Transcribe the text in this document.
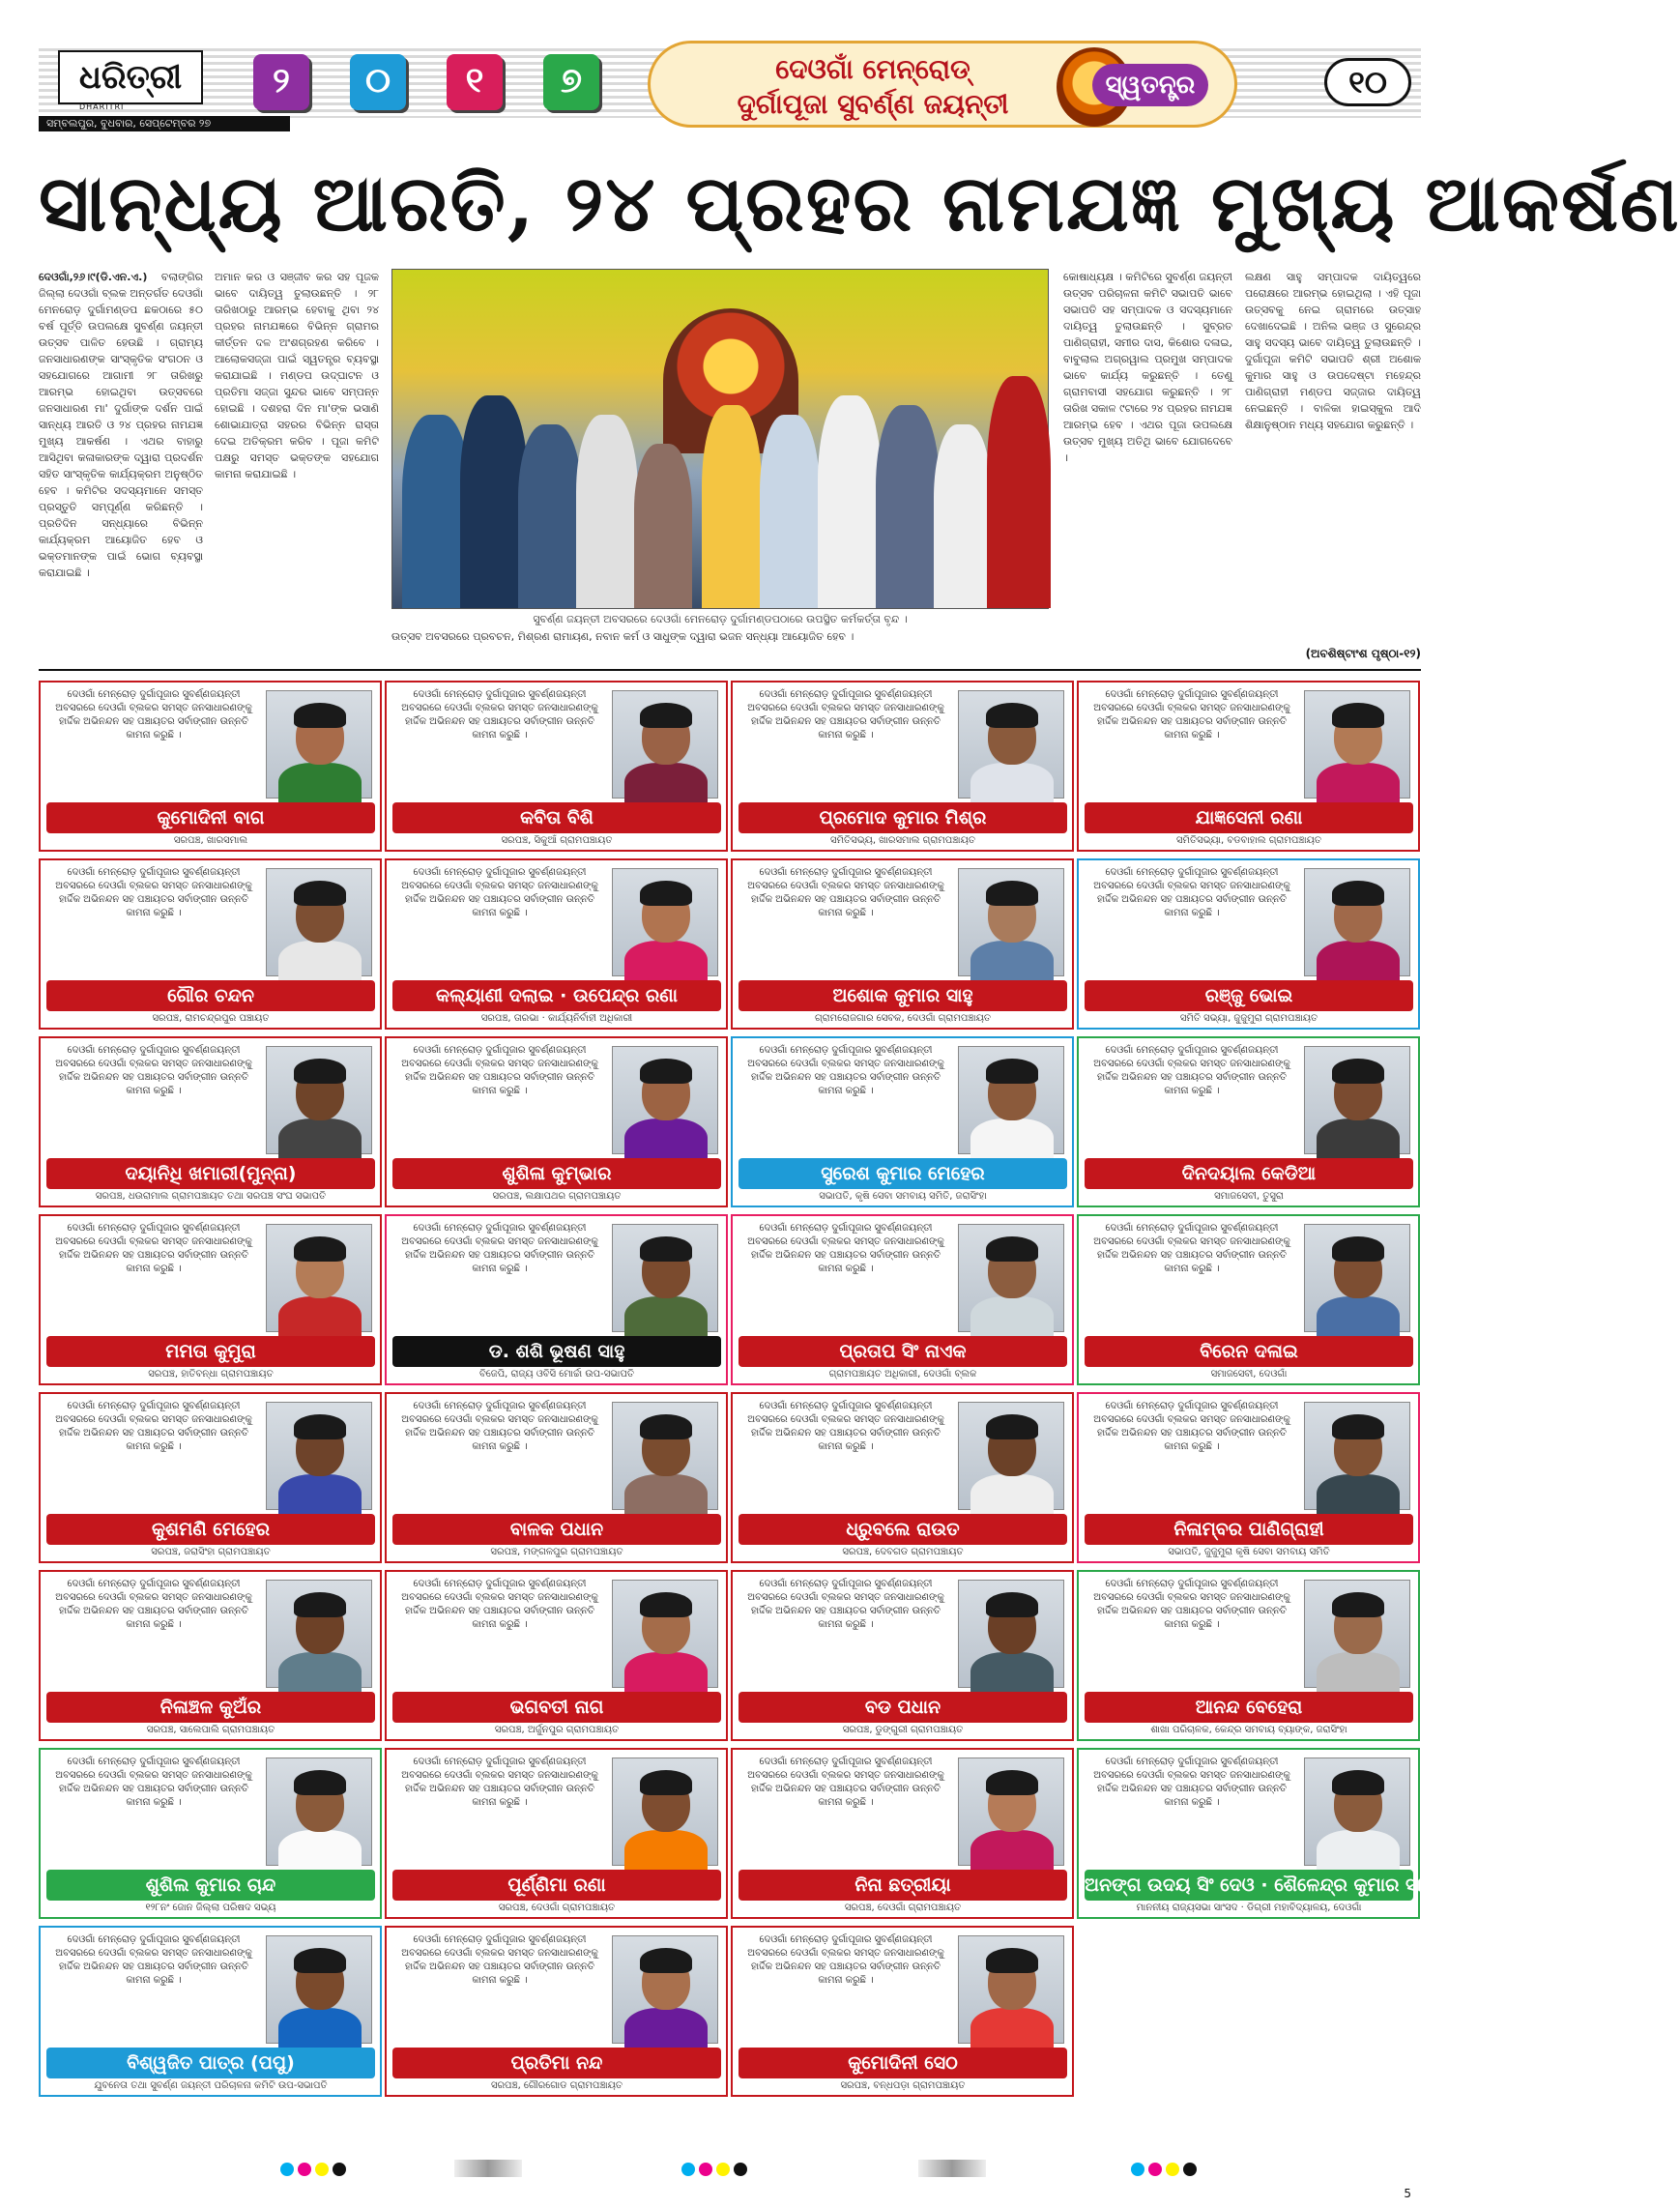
ଧରିତ୍ରୀ
DHARITRI
ସମ୍ବଲପୁର, ବୁଧବାର, ସେପ୍ଟେମ୍ବର ୨୭
୨	୦	୧	୭	ଦେଓଗାଁ ମେନ୍‌ରୋଡ୍
ଦୁର୍ଗାପୂଜା ସୁବର୍ଣ୍ଣ ଜୟନ୍ତୀ
ସ୍ୱତନ୍ତ୍ର	୧୦
ସାନ୍ଧ୍ୟ ଆରତି, ୨୪ ପ୍ରହର ନାମଯଜ୍ଞ ମୁଖ୍ୟ ଆକର୍ଷଣ
ଦେଓଗାଁ,୨୬।୯(ଡି.ଏନ.ଏ.) ବଲାଙ୍ଗିର ଜିଲ୍ଲା ଦେଓଗାଁ ବ୍ଲକ ଅନ୍ତର୍ଗତ ଦେଓଗାଁ ମେନରୋଡ଼ ଦୁର୍ଗାମଣ୍ଡପ ଛକଠାରେ ୫୦ ବର୍ଷ ପୂର୍ତ୍ତି ଉପଲକ୍ଷେ ସୁବର୍ଣ୍ଣ ଜୟନ୍ତୀ ଉତ୍ସବ ପାଳିତ ହେଉଛି । ଗ୍ରାମ୍ୟ ଜନସାଧାରଣଙ୍କ ସାଂସ୍କୃତିକ ସଂଗଠନ ଓ ସହଯୋଗରେ ଆଗାମୀ ୨୮ ତାରିଖରୁ ଆରମ୍ଭ ହୋଇଥିବା ଉତ୍ସବରେ ଜନସାଧାରଣ ମା' ଦୁର୍ଗାଙ୍କ ଦର୍ଶନ ପାଇଁ ସାନ୍ଧ୍ୟ ଆରତି ଓ ୨୪ ପ୍ରହର ନାମଯଜ୍ଞ ମୁଖ୍ୟ ଆକର୍ଷଣ । ଏଥର ବାହାରୁ ଆସିଥିବା କଳାକାରଙ୍କ ଦ୍ୱାରା ପ୍ରଦର୍ଶନ ସହିତ ସାଂସ୍କୃତିକ କାର୍ଯ୍ୟକ୍ରମ ଅନୁଷ୍ଠିତ ହେବ । କମିଟିର ସଦସ୍ୟମାନେ ସମସ୍ତ ପ୍ରସ୍ତୁତି ସମ୍ପୂର୍ଣ୍ଣ କରିଛନ୍ତି । ପ୍ରତିଦିନ ସନ୍ଧ୍ୟାରେ ବିଭିନ୍ନ କାର୍ଯ୍ୟକ୍ରମ ଆୟୋଜିତ ହେବ ଓ ଭକ୍ତମାନଙ୍କ ପାଇଁ ଭୋଗ ବ୍ୟବସ୍ଥା କରାଯାଇଛି ।
ଅମାନ କର ଓ ସଞ୍ଜୀବ କର ସହ ପୂଜକ ଭାବେ ଦାୟିତ୍ୱ ତୁଲାଉଛନ୍ତି । ୨୮ ତାରିଖଠାରୁ ଆରମ୍ଭ ହେବାକୁ ଥିବା ୨୪ ପ୍ରହର ନାମଯଜ୍ଞରେ ବିଭିନ୍ନ ଗ୍ରାମର କୀର୍ତ୍ତନ ଦଳ ଅଂଶଗ୍ରହଣ କରିବେ । ଆଲୋକସଜ୍ଜା ପାଇଁ ସ୍ୱତନ୍ତ୍ର ବ୍ୟବସ୍ଥା କରାଯାଇଛି । ମଣ୍ଡପ ଉଦ୍‌ଘାଟନ ଓ ପ୍ରତିମା ସଜ୍ଜା ସୁନ୍ଦର ଭାବେ ସମ୍ପନ୍ନ ହୋଇଛି । ଦଶହରା ଦିନ ମା'ଙ୍କ ଭସାଣି ଶୋଭାଯାତ୍ରା ସହରର ବିଭିନ୍ନ ରାସ୍ତା ଦେଇ ଅତିକ୍ରମ କରିବ । ପୂଜା କମିଟି ପକ୍ଷରୁ ସମସ୍ତ ଭକ୍ତଙ୍କ ସହଯୋଗ କାମନା କରାଯାଇଛି ।
ସୁବର୍ଣ୍ଣ ଜୟନ୍ତୀ ଅବସରରେ ଦେଓଗାଁ ମେନରୋଡ଼ ଦୁର୍ଗାମଣ୍ଡପଠାରେ ଉପସ୍ଥିତ କର୍ମକର୍ତ୍ତା ବୃନ୍ଦ ।
ଉତ୍ସବ ଅବସରରେ ପ୍ରବଚନ, ମିଶ୍ରଣ ରାମାୟଣ, ନବାନ କର୍ମ ଓ ସାଧୁଙ୍କ ଦ୍ୱାରା ଭଜନ ସନ୍ଧ୍ୟା ଆୟୋଜିତ ହେବ ।
କୋଷାଧ୍ୟକ୍ଷ । କମିଟିରେ ସୁବର୍ଣ୍ଣ ଜୟନ୍ତୀ ଉତ୍ସବ ପରିଚାଳନା କମିଟି ସଭାପତି ଭାବେ ସଭାପତି ସହ ସମ୍ପାଦକ ଓ ସଦସ୍ୟମାନେ ଦାୟିତ୍ୱ ତୁଲାଉଛନ୍ତି । ସୁବ୍ରତ ପାଣିଗ୍ରାହୀ, ସମୀର ଦାସ, କିଶୋର ଦଳାଇ, ବାବୁଲାଲ ଅଗ୍ରୱାଲ ପ୍ରମୁଖ ସମ୍ପାଦକ ଭାବେ କାର୍ଯ୍ୟ କରୁଛନ୍ତି । ତେଣୁ ଗ୍ରାମବାସୀ ସହଯୋଗ କରୁଛନ୍ତି । ୨୮ ତାରିଖ ସକାଳ ୯ଟାରେ ୨୪ ପ୍ରହର ନାମଯଜ୍ଞ ଆରମ୍ଭ ହେବ । ଏଥର ପୂଜା ଉପଲକ୍ଷେ ଉତ୍ସବ ମୁଖ୍ୟ ଅତିଥି ଭାବେ ଯୋଗଦେବେ ।
ଲକ୍ଷଣ ସାହୁ ସମ୍ପାଦକ ଦାୟିତ୍ୱରେ ପରୋକ୍ଷରେ ଆରମ୍ଭ ହୋଇଥିଲା । ଏହି ପୂଜା ଉତ୍ସବକୁ ନେଇ ଗ୍ରାମରେ ଉତ୍ସାହ ଦେଖାଦେଇଛି । ଅନିଲ ଭଞ୍ଜ ଓ ସୁରେନ୍ଦ୍ର ସାହୁ ସଦସ୍ୟ ଭାବେ ଦାୟିତ୍ୱ ତୁଲାଉଛନ୍ତି । ଦୁର୍ଗାପୂଜା କମିଟି ସଭାପତି ଶ୍ରୀ ଅଶୋକ କୁମାର ସାହୁ ଓ ଉପଦେଷ୍ଟା ମହେନ୍ଦ୍ର ପାଣିଗ୍ରାହୀ ମଣ୍ଡପ ସଜ୍ଜାର ଦାୟିତ୍ୱ ନେଇଛନ୍ତି । ବାଳିକା ହାଇସ୍କୁଲ ଆଦି ଶିକ୍ଷାନୁଷ୍ଠାନ ମଧ୍ୟ ସହଯୋଗ କରୁଛନ୍ତି ।
(ଅବଶିଷ୍ଟାଂଶ ପୃଷ୍ଠା-୧୨)
ଦେଓଗାଁ ମେନ୍‌ରୋଡ଼ ଦୁର୍ଗାପୂଜାର ସୁବର୍ଣ୍ଣଜୟନ୍ତୀ ଅବସରରେ ଦେଓଗାଁ ବ୍ଲକର ସମସ୍ତ ଜନସାଧାରଣଙ୍କୁ ହାର୍ଦ୍ଦିକ ଅଭିନନ୍ଦନ ସହ ପଞ୍ଚାୟତର ସର୍ବାଙ୍ଗୀନ ଉନ୍ନତି କାମନା କରୁଛି ।
କୁମୋଦିନୀ ବାଗ
ସରପଞ୍ଚ, ଖାରସମାଲ
ଦେଓଗାଁ ମେନ୍‌ରୋଡ଼ ଦୁର୍ଗାପୂଜାର ସୁବର୍ଣ୍ଣଜୟନ୍ତୀ ଅବସରରେ ଦେଓଗାଁ ବ୍ଲକର ସମସ୍ତ ଜନସାଧାରଣଙ୍କୁ ହାର୍ଦ୍ଦିକ ଅଭିନନ୍ଦନ ସହ ପଞ୍ଚାୟତର ସର୍ବାଙ୍ଗୀନ ଉନ୍ନତି କାମନା କରୁଛି ।
କବିତା ବିଶି
ସରପଞ୍ଚ, ସିକୁଆଁ ଗ୍ରାମପଞ୍ଚାୟତ
ଦେଓଗାଁ ମେନ୍‌ରୋଡ଼ ଦୁର୍ଗାପୂଜାର ସୁବର୍ଣ୍ଣଜୟନ୍ତୀ ଅବସରରେ ଦେଓଗାଁ ବ୍ଲକର ସମସ୍ତ ଜନସାଧାରଣଙ୍କୁ ହାର୍ଦ୍ଦିକ ଅଭିନନ୍ଦନ ସହ ପଞ୍ଚାୟତର ସର୍ବାଙ୍ଗୀନ ଉନ୍ନତି କାମନା କରୁଛି ।
ପ୍ରମୋଦ କୁମାର ମିଶ୍ର
ସମିତିସଭ୍ୟ, ଖାରସମାଲ ଗ୍ରାମପଞ୍ଚାୟତ
ଦେଓଗାଁ ମେନ୍‌ରୋଡ଼ ଦୁର୍ଗାପୂଜାର ସୁବର୍ଣ୍ଣଜୟନ୍ତୀ ଅବସରରେ ଦେଓଗାଁ ବ୍ଲକର ସମସ୍ତ ଜନସାଧାରଣଙ୍କୁ ହାର୍ଦ୍ଦିକ ଅଭିନନ୍ଦନ ସହ ପଞ୍ଚାୟତର ସର୍ବାଙ୍ଗୀନ ଉନ୍ନତି କାମନା କରୁଛି ।
ଯାଜ୍ଞସେନୀ ରଣା
ସମିତିସଭ୍ୟା, ବଡବାହାଲ ଗ୍ରାମପଞ୍ଚାୟତ
ଦେଓଗାଁ ମେନ୍‌ରୋଡ଼ ଦୁର୍ଗାପୂଜାର ସୁବର୍ଣ୍ଣଜୟନ୍ତୀ ଅବସରରେ ଦେଓଗାଁ ବ୍ଲକର ସମସ୍ତ ଜନସାଧାରଣଙ୍କୁ ହାର୍ଦ୍ଦିକ ଅଭିନନ୍ଦନ ସହ ପଞ୍ଚାୟତର ସର୍ବାଙ୍ଗୀନ ଉନ୍ନତି କାମନା କରୁଛି ।
ଗୌର ଚନ୍ଦନ
ସରପଞ୍ଚ, ରାମଚନ୍ଦ୍ରପୁର ପଞ୍ଚାୟତ
ଦେଓଗାଁ ମେନ୍‌ରୋଡ଼ ଦୁର୍ଗାପୂଜାର ସୁବର୍ଣ୍ଣଜୟନ୍ତୀ ଅବସରରେ ଦେଓଗାଁ ବ୍ଲକର ସମସ୍ତ ଜନସାଧାରଣଙ୍କୁ ହାର୍ଦ୍ଦିକ ଅଭିନନ୍ଦନ ସହ ପଞ୍ଚାୟତର ସର୍ବାଙ୍ଗୀନ ଉନ୍ନତି କାମନା କରୁଛି ।
କଲ୍ୟାଣୀ ଦଲାଇ · ଉପେନ୍ଦ୍ର ରଣା
ସରପଞ୍ଚ, ତାରଭା · କାର୍ଯ୍ୟନିର୍ବାହୀ ଅଧିକାରୀ
ଦେଓଗାଁ ମେନ୍‌ରୋଡ଼ ଦୁର୍ଗାପୂଜାର ସୁବର୍ଣ୍ଣଜୟନ୍ତୀ ଅବସରରେ ଦେଓଗାଁ ବ୍ଲକର ସମସ୍ତ ଜନସାଧାରଣଙ୍କୁ ହାର୍ଦ୍ଦିକ ଅଭିନନ୍ଦନ ସହ ପଞ୍ଚାୟତର ସର୍ବାଙ୍ଗୀନ ଉନ୍ନତି କାମନା କରୁଛି ।
ଅଶୋକ କୁମାର ସାହୁ
ଗ୍ରାମରୋଜଗାର ସେବକ, ଦେଓଗାଁ ଗ୍ରାମପଞ୍ଚାୟତ
ଦେଓଗାଁ ମେନ୍‌ରୋଡ଼ ଦୁର୍ଗାପୂଜାର ସୁବର୍ଣ୍ଣଜୟନ୍ତୀ ଅବସରରେ ଦେଓଗାଁ ବ୍ଲକର ସମସ୍ତ ଜନସାଧାରଣଙ୍କୁ ହାର୍ଦ୍ଦିକ ଅଭିନନ୍ଦନ ସହ ପଞ୍ଚାୟତର ସର୍ବାଙ୍ଗୀନ ଉନ୍ନତି କାମନା କରୁଛି ।
ରଞ୍ଜୁ ଭୋଇ
ସମିତି ସଭ୍ୟା, ଜୁଜୁମୁରା ଗ୍ରାମପଞ୍ଚାୟତ
ଦେଓଗାଁ ମେନ୍‌ରୋଡ଼ ଦୁର୍ଗାପୂଜାର ସୁବର୍ଣ୍ଣଜୟନ୍ତୀ ଅବସରରେ ଦେଓଗାଁ ବ୍ଲକର ସମସ୍ତ ଜନସାଧାରଣଙ୍କୁ ହାର୍ଦ୍ଦିକ ଅଭିନନ୍ଦନ ସହ ପଞ୍ଚାୟତର ସର୍ବାଙ୍ଗୀନ ଉନ୍ନତି କାମନା କରୁଛି ।
ଦୟାନିଧି ଖମାରୀ(ମୁନ୍ନା)
ସରପଞ୍ଚ, ଧଉରାମାଲ ଗ୍ରାମପଞ୍ଚାୟତ ତଥା ସରପଞ୍ଚ ସଂଘ ସଭାପତି
ଦେଓଗାଁ ମେନ୍‌ରୋଡ଼ ଦୁର୍ଗାପୂଜାର ସୁବର୍ଣ୍ଣଜୟନ୍ତୀ ଅବସରରେ ଦେଓଗାଁ ବ୍ଲକର ସମସ୍ତ ଜନସାଧାରଣଙ୍କୁ ହାର୍ଦ୍ଦିକ ଅଭିନନ୍ଦନ ସହ ପଞ୍ଚାୟତର ସର୍ବାଙ୍ଗୀନ ଉନ୍ନତି କାମନା କରୁଛି ।
ଶୁଶିଳା କୁମ୍ଭାର
ସରପଞ୍ଚ, ଲକ୍ଷାପଥର ଗ୍ରାମପଞ୍ଚାୟତ
ଦେଓଗାଁ ମେନ୍‌ରୋଡ଼ ଦୁର୍ଗାପୂଜାର ସୁବର୍ଣ୍ଣଜୟନ୍ତୀ ଅବସରରେ ଦେଓଗାଁ ବ୍ଲକର ସମସ୍ତ ଜନସାଧାରଣଙ୍କୁ ହାର୍ଦ୍ଦିକ ଅଭିନନ୍ଦନ ସହ ପଞ୍ଚାୟତର ସର୍ବାଙ୍ଗୀନ ଉନ୍ନତି କାମନା କରୁଛି ।
ସୁରେଶ କୁମାର ମେହେର
ସଭାପତି, କୃଷି ସେବା ସମବାୟ ସମିତି, ଜରାସିଂହା
ଦେଓଗାଁ ମେନ୍‌ରୋଡ଼ ଦୁର୍ଗାପୂଜାର ସୁବର୍ଣ୍ଣଜୟନ୍ତୀ ଅବସରରେ ଦେଓଗାଁ ବ୍ଲକର ସମସ୍ତ ଜନସାଧାରଣଙ୍କୁ ହାର୍ଦ୍ଦିକ ଅଭିନନ୍ଦନ ସହ ପଞ୍ଚାୟତର ସର୍ବାଙ୍ଗୀନ ଉନ୍ନତି କାମନା କରୁଛି ।
ଦିନଦୟାଲ କେଡିଆ
ସମାଜସେବୀ, ତୁସୁରା
ଦେଓଗାଁ ମେନ୍‌ରୋଡ଼ ଦୁର୍ଗାପୂଜାର ସୁବର୍ଣ୍ଣଜୟନ୍ତୀ ଅବସରରେ ଦେଓଗାଁ ବ୍ଲକର ସମସ୍ତ ଜନସାଧାରଣଙ୍କୁ ହାର୍ଦ୍ଦିକ ଅଭିନନ୍ଦନ ସହ ପଞ୍ଚାୟତର ସର୍ବାଙ୍ଗୀନ ଉନ୍ନତି କାମନା କରୁଛି ।
ମମତା କୁମୁରା
ସରପଞ୍ଚ, ହାତିବନ୍ଧା ଗ୍ରାମପଞ୍ଚାୟତ
ଦେଓଗାଁ ମେନ୍‌ରୋଡ଼ ଦୁର୍ଗାପୂଜାର ସୁବର୍ଣ୍ଣଜୟନ୍ତୀ ଅବସରରେ ଦେଓଗାଁ ବ୍ଲକର ସମସ୍ତ ଜନସାଧାରଣଙ୍କୁ ହାର୍ଦ୍ଦିକ ଅଭିନନ୍ଦନ ସହ ପଞ୍ଚାୟତର ସର୍ବାଙ୍ଗୀନ ଉନ୍ନତି କାମନା କରୁଛି ।
ଡ. ଶଶି ଭୂଷଣ ସାହୁ
ବିଜେପି, ରାଜ୍ୟ ଓବିସି ମୋର୍ଚ୍ଚା ଉପ-ସଭାପତି
ଦେଓଗାଁ ମେନ୍‌ରୋଡ଼ ଦୁର୍ଗାପୂଜାର ସୁବର୍ଣ୍ଣଜୟନ୍ତୀ ଅବସରରେ ଦେଓଗାଁ ବ୍ଲକର ସମସ୍ତ ଜନସାଧାରଣଙ୍କୁ ହାର୍ଦ୍ଦିକ ଅଭିନନ୍ଦନ ସହ ପଞ୍ଚାୟତର ସର୍ବାଙ୍ଗୀନ ଉନ୍ନତି କାମନା କରୁଛି ।
ପ୍ରତାପ ସିଂ ନାଏକ
ଗ୍ରାମପଞ୍ଚାୟତ ଅଧିକାରୀ, ଦେଓଗାଁ ବ୍ଲକ
ଦେଓଗାଁ ମେନ୍‌ରୋଡ଼ ଦୁର୍ଗାପୂଜାର ସୁବର୍ଣ୍ଣଜୟନ୍ତୀ ଅବସରରେ ଦେଓଗାଁ ବ୍ଲକର ସମସ୍ତ ଜନସାଧାରଣଙ୍କୁ ହାର୍ଦ୍ଦିକ ଅଭିନନ୍ଦନ ସହ ପଞ୍ଚାୟତର ସର୍ବାଙ୍ଗୀନ ଉନ୍ନତି କାମନା କରୁଛି ।
ବିରେନ ଦଳାଇ
ସମାଜସେବୀ, ଦେଓଗାଁ
ଦେଓଗାଁ ମେନ୍‌ରୋଡ଼ ଦୁର୍ଗାପୂଜାର ସୁବର୍ଣ୍ଣଜୟନ୍ତୀ ଅବସରରେ ଦେଓଗାଁ ବ୍ଲକର ସମସ୍ତ ଜନସାଧାରଣଙ୍କୁ ହାର୍ଦ୍ଦିକ ଅଭିନନ୍ଦନ ସହ ପଞ୍ଚାୟତର ସର୍ବାଙ୍ଗୀନ ଉନ୍ନତି କାମନା କରୁଛି ।
କୁଶମଣି ମେହେର
ସରପଞ୍ଚ, ଜରାସିଂହା ଗ୍ରାମପଞ୍ଚାୟତ
ଦେଓଗାଁ ମେନ୍‌ରୋଡ଼ ଦୁର୍ଗାପୂଜାର ସୁବର୍ଣ୍ଣଜୟନ୍ତୀ ଅବସରରେ ଦେଓଗାଁ ବ୍ଲକର ସମସ୍ତ ଜନସାଧାରଣଙ୍କୁ ହାର୍ଦ୍ଦିକ ଅଭିନନ୍ଦନ ସହ ପଞ୍ଚାୟତର ସର୍ବାଙ୍ଗୀନ ଉନ୍ନତି କାମନା କରୁଛି ।
ବାଳକ ପଧାନ
ସରପଞ୍ଚ, ମଙ୍ଗଳପୁର ଗ୍ରାମପଞ୍ଚାୟତ
ଦେଓଗାଁ ମେନ୍‌ରୋଡ଼ ଦୁର୍ଗାପୂଜାର ସୁବର୍ଣ୍ଣଜୟନ୍ତୀ ଅବସରରେ ଦେଓଗାଁ ବ୍ଲକର ସମସ୍ତ ଜନସାଧାରଣଙ୍କୁ ହାର୍ଦ୍ଦିକ ଅଭିନନ୍ଦନ ସହ ପଞ୍ଚାୟତର ସର୍ବାଙ୍ଗୀନ ଉନ୍ନତି କାମନା କରୁଛି ।
ଧ୍ରୁବଲେ ରାଉତ
ସରପଞ୍ଚ, ଦେବଗଡ ଗ୍ରାମପଞ୍ଚାୟତ
ଦେଓଗାଁ ମେନ୍‌ରୋଡ଼ ଦୁର୍ଗାପୂଜାର ସୁବର୍ଣ୍ଣଜୟନ୍ତୀ ଅବସରରେ ଦେଓଗାଁ ବ୍ଲକର ସମସ୍ତ ଜନସାଧାରଣଙ୍କୁ ହାର୍ଦ୍ଦିକ ଅଭିନନ୍ଦନ ସହ ପଞ୍ଚାୟତର ସର୍ବାଙ୍ଗୀନ ଉନ୍ନତି କାମନା କରୁଛି ।
ନିଳାମ୍ବର ପାଣିଗ୍ରାହୀ
ସଭାପତି, ଜୁଜୁମୁରା କୃଷି ସେବା ସମବାୟ ସମିତି
ଦେଓଗାଁ ମେନ୍‌ରୋଡ଼ ଦୁର୍ଗାପୂଜାର ସୁବର୍ଣ୍ଣଜୟନ୍ତୀ ଅବସରରେ ଦେଓଗାଁ ବ୍ଲକର ସମସ୍ତ ଜନସାଧାରଣଙ୍କୁ ହାର୍ଦ୍ଦିକ ଅଭିନନ୍ଦନ ସହ ପଞ୍ଚାୟତର ସର୍ବାଙ୍ଗୀନ ଉନ୍ନତି କାମନା କରୁଛି ।
ନିଳାଞ୍ଚଳ କୁଅଁର
ସରପଞ୍ଚ, ସାଲେପାଲି ଗ୍ରାମପଞ୍ଚାୟତ
ଦେଓଗାଁ ମେନ୍‌ରୋଡ଼ ଦୁର୍ଗାପୂଜାର ସୁବର୍ଣ୍ଣଜୟନ୍ତୀ ଅବସରରେ ଦେଓଗାଁ ବ୍ଲକର ସମସ୍ତ ଜନସାଧାରଣଙ୍କୁ ହାର୍ଦ୍ଦିକ ଅଭିନନ୍ଦନ ସହ ପଞ୍ଚାୟତର ସର୍ବାଙ୍ଗୀନ ଉନ୍ନତି କାମନା କରୁଛି ।
ଭଗବତୀ ନାଗ
ସରପଞ୍ଚ, ଅର୍ଜୁନପୁର ଗ୍ରାମପଞ୍ଚାୟତ
ଦେଓଗାଁ ମେନ୍‌ରୋଡ଼ ଦୁର୍ଗାପୂଜାର ସୁବର୍ଣ୍ଣଜୟନ୍ତୀ ଅବସରରେ ଦେଓଗାଁ ବ୍ଲକର ସମସ୍ତ ଜନସାଧାରଣଙ୍କୁ ହାର୍ଦ୍ଦିକ ଅଭିନନ୍ଦନ ସହ ପଞ୍ଚାୟତର ସର୍ବାଙ୍ଗୀନ ଉନ୍ନତି କାମନା କରୁଛି ।
ବଡ ପଧାନ
ସରପଞ୍ଚ, ଡୁଙ୍ଗୁରୀ ଗ୍ରାମପଞ୍ଚାୟତ
ଦେଓଗାଁ ମେନ୍‌ରୋଡ଼ ଦୁର୍ଗାପୂଜାର ସୁବର୍ଣ୍ଣଜୟନ୍ତୀ ଅବସରରେ ଦେଓଗାଁ ବ୍ଲକର ସମସ୍ତ ଜନସାଧାରଣଙ୍କୁ ହାର୍ଦ୍ଦିକ ଅଭିନନ୍ଦନ ସହ ପଞ୍ଚାୟତର ସର୍ବାଙ୍ଗୀନ ଉନ୍ନତି କାମନା କରୁଛି ।
ଆନନ୍ଦ ବେହେରା
ଶାଖା ପରିଚାଳକ, କେନ୍ଦ୍ର ସମବାୟ ବ୍ୟାଙ୍କ, ଜରାସିଂହା
ଦେଓଗାଁ ମେନ୍‌ରୋଡ଼ ଦୁର୍ଗାପୂଜାର ସୁବର୍ଣ୍ଣଜୟନ୍ତୀ ଅବସରରେ ଦେଓଗାଁ ବ୍ଲକର ସମସ୍ତ ଜନସାଧାରଣଙ୍କୁ ହାର୍ଦ୍ଦିକ ଅଭିନନ୍ଦନ ସହ ପଞ୍ଚାୟତର ସର୍ବାଙ୍ଗୀନ ଉନ୍ନତି କାମନା କରୁଛି ।
ଶୁଶିଲ କୁମାର ଚାନ୍ଦ
୧୨୮ନଂ ଜୋନ ଜିଲ୍ଲା ପରିଷଦ ସଭ୍ୟ
ଦେଓଗାଁ ମେନ୍‌ରୋଡ଼ ଦୁର୍ଗାପୂଜାର ସୁବର୍ଣ୍ଣଜୟନ୍ତୀ ଅବସରରେ ଦେଓଗାଁ ବ୍ଲକର ସମସ୍ତ ଜନସାଧାରଣଙ୍କୁ ହାର୍ଦ୍ଦିକ ଅଭିନନ୍ଦନ ସହ ପଞ୍ଚାୟତର ସର୍ବାଙ୍ଗୀନ ଉନ୍ନତି କାମନା କରୁଛି ।
ପୂର୍ଣ୍ଣିମା ରଣା
ସରପଞ୍ଚ, ଦେଓଗାଁ ଗ୍ରାମପଞ୍ଚାୟତ
ଦେଓଗାଁ ମେନ୍‌ରୋଡ଼ ଦୁର୍ଗାପୂଜାର ସୁବର୍ଣ୍ଣଜୟନ୍ତୀ ଅବସରରେ ଦେଓଗାଁ ବ୍ଲକର ସମସ୍ତ ଜନସାଧାରଣଙ୍କୁ ହାର୍ଦ୍ଦିକ ଅଭିନନ୍ଦନ ସହ ପଞ୍ଚାୟତର ସର୍ବାଙ୍ଗୀନ ଉନ୍ନତି କାମନା କରୁଛି ।
ନିନା ଛତ୍ରୀୟା
ସରପଞ୍ଚ, ଦେଓଗାଁ ଗ୍ରାମପଞ୍ଚାୟତ
ଦେଓଗାଁ ମେନ୍‌ରୋଡ଼ ଦୁର୍ଗାପୂଜାର ସୁବର୍ଣ୍ଣଜୟନ୍ତୀ ଅବସରରେ ଦେଓଗାଁ ବ୍ଲକର ସମସ୍ତ ଜନସାଧାରଣଙ୍କୁ ହାର୍ଦ୍ଦିକ ଅଭିନନ୍ଦନ ସହ ପଞ୍ଚାୟତର ସର୍ବାଙ୍ଗୀନ ଉନ୍ନତି କାମନା କରୁଛି ।
ଅନଙ୍ଗ ଉଦୟ ସିଂ ଦେଓ · ଶୈଳେନ୍ଦ୍ର କୁମାର ସାହୁ
ମାନନୀୟ ରାଜ୍ୟସଭା ସାଂସଦ · ଡିଗ୍ରୀ ମହାବିଦ୍ୟାଳୟ, ଦେଓଗାଁ
ଦେଓଗାଁ ମେନ୍‌ରୋଡ଼ ଦୁର୍ଗାପୂଜାର ସୁବର୍ଣ୍ଣଜୟନ୍ତୀ ଅବସରରେ ଦେଓଗାଁ ବ୍ଲକର ସମସ୍ତ ଜନସାଧାରଣଙ୍କୁ ହାର୍ଦ୍ଦିକ ଅଭିନନ୍ଦନ ସହ ପଞ୍ଚାୟତର ସର୍ବାଙ୍ଗୀନ ଉନ୍ନତି କାମନା କରୁଛି ।
ବିଶ୍ୱଜିତ ପାତ୍ର (ପପୁ)
ଯୁବନେତା ତଥା ସୁବର୍ଣ୍ଣ ଜୟନ୍ତୀ ପରିଚାଳନା କମିଟି ଉପ-ସଭାପତି
ଦେଓଗାଁ ମେନ୍‌ରୋଡ଼ ଦୁର୍ଗାପୂଜାର ସୁବର୍ଣ୍ଣଜୟନ୍ତୀ ଅବସରରେ ଦେଓଗାଁ ବ୍ଲକର ସମସ୍ତ ଜନସାଧାରଣଙ୍କୁ ହାର୍ଦ୍ଦିକ ଅଭିନନ୍ଦନ ସହ ପଞ୍ଚାୟତର ସର୍ବାଙ୍ଗୀନ ଉନ୍ନତି କାମନା କରୁଛି ।
ପ୍ରତିମା ନନ୍ଦ
ସରପଞ୍ଚ, ଗୌରଗୋଡ ଗ୍ରାମପଞ୍ଚାୟତ
ଦେଓଗାଁ ମେନ୍‌ରୋଡ଼ ଦୁର୍ଗାପୂଜାର ସୁବର୍ଣ୍ଣଜୟନ୍ତୀ ଅବସରରେ ଦେଓଗାଁ ବ୍ଲକର ସମସ୍ତ ଜନସାଧାରଣଙ୍କୁ ହାର୍ଦ୍ଦିକ ଅଭିନନ୍ଦନ ସହ ପଞ୍ଚାୟତର ସର୍ବାଙ୍ଗୀନ ଉନ୍ନତି କାମନା କରୁଛି ।
କୁମୋଦିନୀ ସେଠ
ସରପଞ୍ଚ, ବନ୍ଧପଡ଼ା ଗ୍ରାମପଞ୍ଚାୟତ
5
